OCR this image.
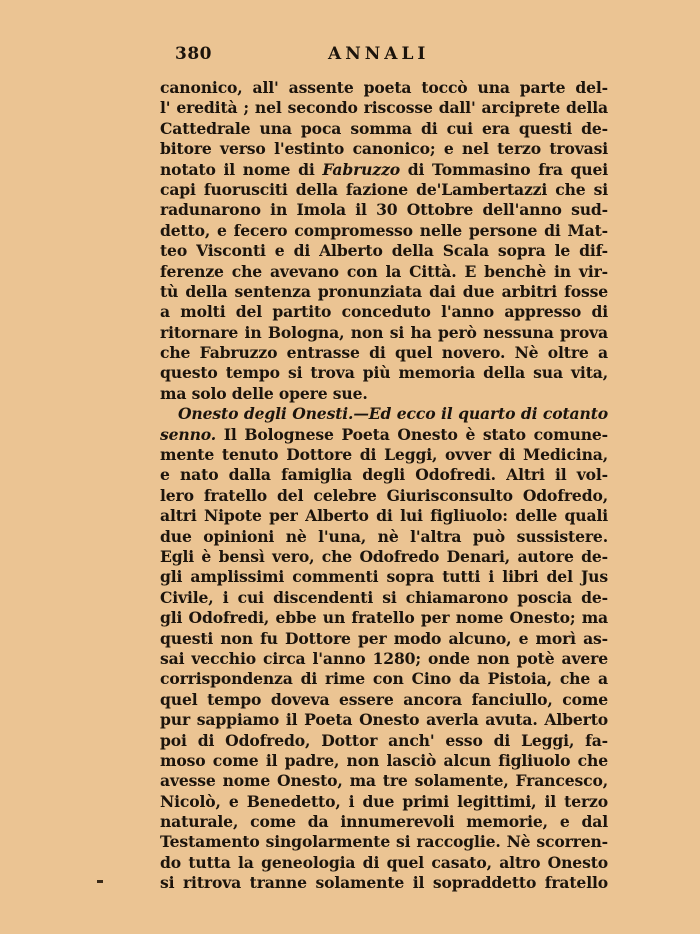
380	ANNALI
canonico, all' assente poeta toccò una parte del-
l' eredità ; nel secondo riscosse dall' arciprete della
Cattedrale una poca somma di cui era questi de-
bitore verso l'estinto canonico; e nel terzo trovasi
notato il nome di Fabruzzo di Tommasino fra quei
capi fuorusciti della fazione de'Lambertazzi che si
radunarono in Imola il 30 Ottobre dell'anno sud-
detto, e fecero compromesso nelle persone di Mat-
teo Visconti e di Alberto della Scala sopra le dif-
ferenze che avevano con la Città. E benchè in vir-
tù della sentenza pronunziata dai due arbitri fosse
a molti del partito conceduto l'anno appresso di
ritornare in Bologna, non si ha però nessuna prova
che Fabruzzo entrasse di quel novero. Nè oltre a
questo tempo si trova più memoria della sua vita,
ma solo delle opere sue.
Onesto degli Onesti.—Ed ecco il quarto di cotanto
senno. Il Bolognese Poeta Onesto è stato comune-
mente tenuto Dottore di Leggi, ovver di Medicina,
e nato dalla famiglia degli Odofredi. Altri il vol-
lero fratello del celebre Giurisconsulto Odofredo,
altri Nipote per Alberto di lui figliuolo: delle quali
due opinioni nè l'una, nè l'altra può sussistere.
Egli è bensì vero, che Odofredo Denari, autore de-
gli amplissimi commenti sopra tutti i libri del Jus
Civile, i cui discendenti si chiamarono poscia de-
gli Odofredi, ebbe un fratello per nome Onesto; ma
questi non fu Dottore per modo alcuno, e morì as-
sai vecchio circa l'anno 1280; onde non potè avere
corrispondenza di rime con Cino da Pistoia, che a
quel tempo doveva essere ancora fanciullo, come
pur sappiamo il Poeta Onesto averla avuta. Alberto
poi di Odofredo, Dottor anch' esso di Leggi, fa-
moso come il padre, non lasciò alcun figliuolo che
avesse nome Onesto, ma tre solamente, Francesco,
Nicolò, e Benedetto, i due primi legittimi, il terzo
naturale, come da innumerevoli memorie, e dal
Testamento singolarmente si raccoglie. Nè scorren-
do tutta la geneologia di quel casato, altro Onesto
si ritrova tranne solamente il sopraddetto fratello
